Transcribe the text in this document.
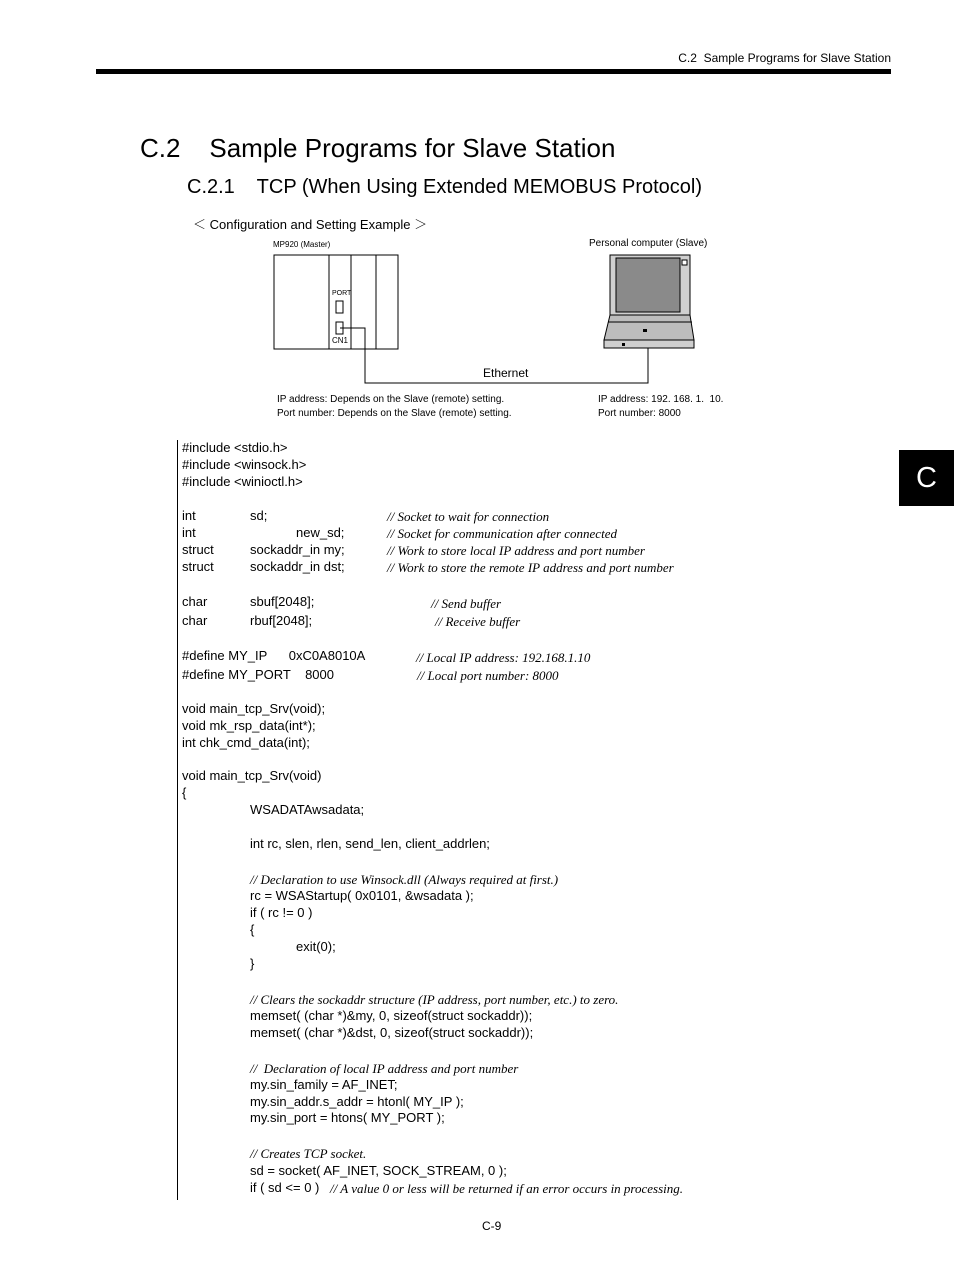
C.2  Sample Programs for Slave Station
C
C.2    Sample Programs for Slave Station
C.2.1    TCP (When Using Extended MEMOBUS Protocol)
＜ Configuration and Setting Example ＞
MP920 (Master)	Personal computer (Slave)
PORT
CN1
Ethernet
IP address: Depends on the Slave (remote) setting.
Port number: Depends on the Slave (remote) setting.
IP address: 192. 168. 1.  10.
Port number: 8000
#include <stdio.h>
#include <winsock.h>
#include <winioctl.h>
int	sd;	// Socket to wait for connection
int	new_sd;	// Socket for communication after connected
struct	sockaddr_in my;	// Work to store local IP address and port number
struct	sockaddr_in dst;	// Work to store the remote IP address and port number
char	sbuf[2048];	// Send buffer
char	rbuf[2048];	// Receive buffer
#define MY_IP      0xC0A8010A	// Local IP address: 192.168.1.10
#define MY_PORT    8000	// Local port number: 8000
void main_tcp_Srv(void);
void mk_rsp_data(int*);
int chk_cmd_data(int);
void main_tcp_Srv(void)
{
WSADATAwsadata;
int rc, slen, rlen, send_len, client_addrlen;
// Declaration to use Winsock.dll (Always required at first.)
rc = WSAStartup( 0x0101, &wsadata );
if ( rc != 0 )
{
exit(0);
}
// Clears the sockaddr structure (IP address, port number, etc.) to zero.
memset( (char *)&my, 0, sizeof(struct sockaddr));
memset( (char *)&dst, 0, sizeof(struct sockaddr));
//  Declaration of local IP address and port number
my.sin_family = AF_INET;
my.sin_addr.s_addr = htonl( MY_IP );
my.sin_port = htons( MY_PORT );
// Creates TCP socket.
sd = socket( AF_INET, SOCK_STREAM, 0 );
if ( sd <= 0 ) // A value 0 or less will be returned if an error occurs in processing.
C-9
